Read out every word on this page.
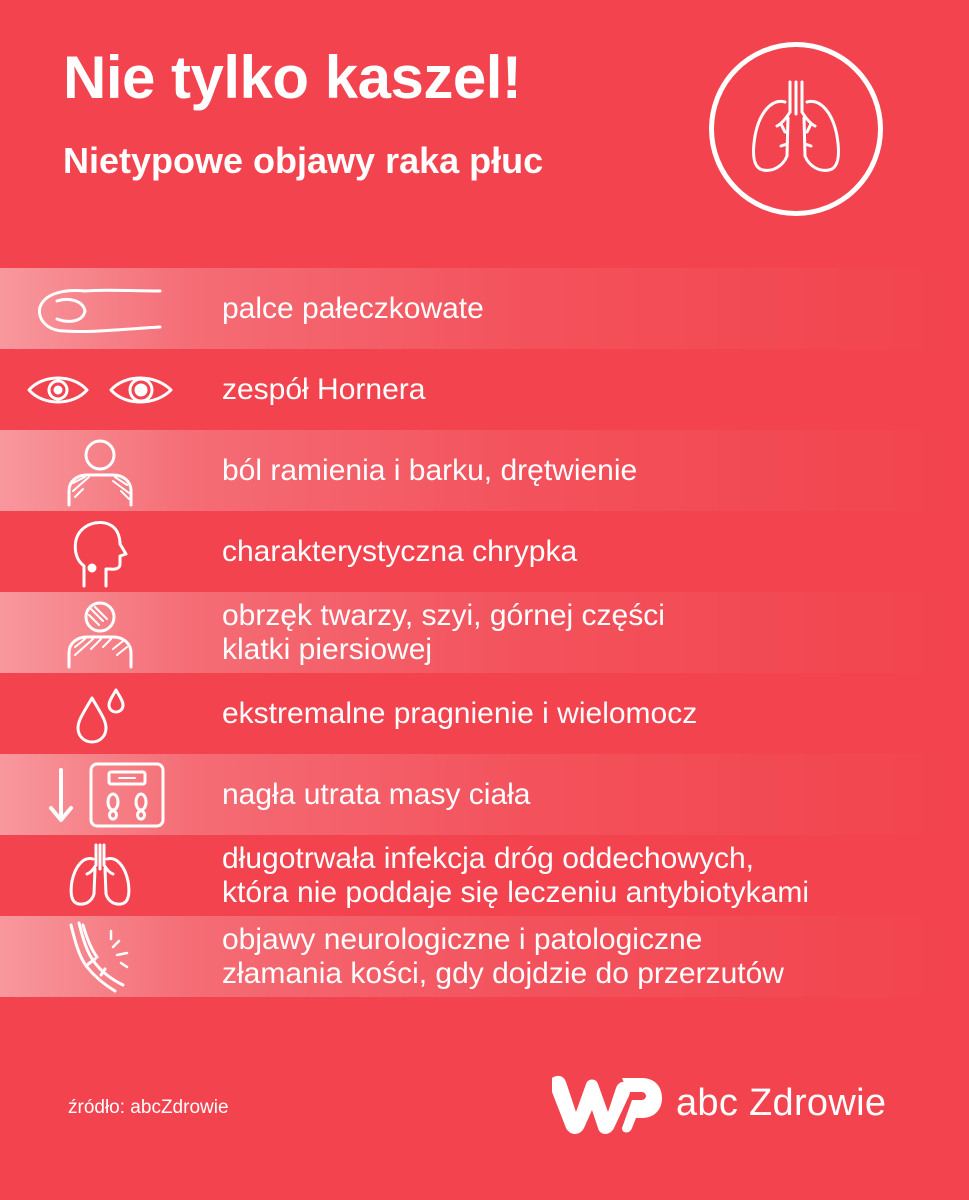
Nie tylko kaszel!
Nietypowe objawy raka płuc
palce pałeczkowate
zespół Hornera
ból ramienia i barku, drętwienie
charakterystyczna chrypka
obrzęk twarzy, szyi, górnej części
klatki piersiowej
ekstremalne pragnienie i wielomocz
nagła utrata masy ciała
długotrwała infekcja dróg oddechowych,
która nie poddaje się leczeniu antybiotykami
objawy neurologiczne i patologiczne
złamania kości, gdy dojdzie do przerzutów
źródło: abcZdrowie	abc Zdrowie
